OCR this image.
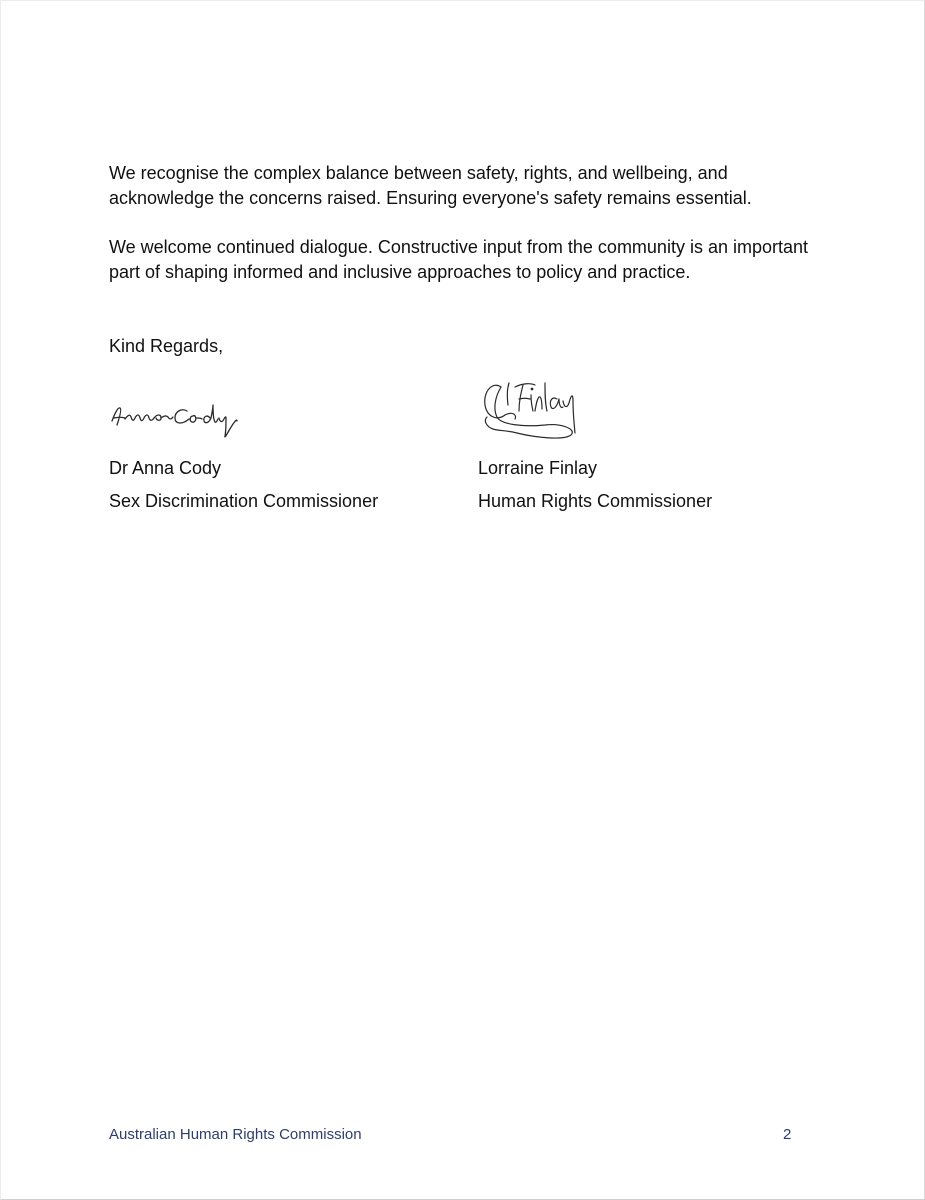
We recognise the complex balance between safety, rights, and wellbeing, and acknowledge the concerns raised. Ensuring everyone's safety remains essential.

We welcome continued dialogue. Constructive input from the community is an important part of shaping informed and inclusive approaches to policy and practice.

Kind Regards,

Dr Anna Cody

Sex Discrimination Commissioner

Lorraine Finlay

Human Rights Commissioner

Australian Human Rights Commission	2
